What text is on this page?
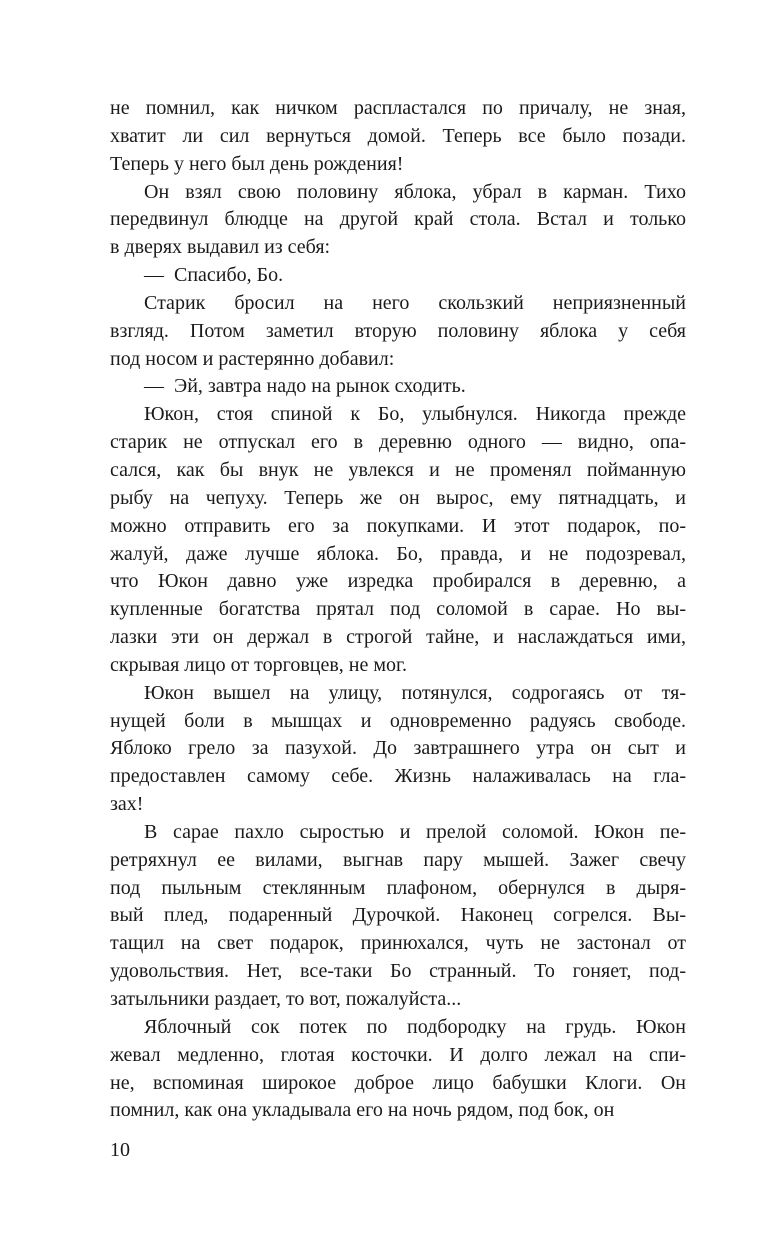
не помнил, как ничком распластался по причалу, не зная,
хватит ли сил вернуться домой. Теперь все было позади.
Теперь у него был день рождения!
Он взял свою половину яблока, убрал в карман. Тихо
передвинул блюдце на другой край стола. Встал и только
в дверях выдавил из себя:
— Спасибо, Бо.
Старик бросил на него скользкий неприязненный
взгляд. Потом заметил вторую половину яблока у себя
под носом и растерянно добавил:
— Эй, завтра надо на рынок сходить.
Юкон, стоя спиной к Бо, улыбнулся. Никогда прежде
старик не отпускал его в деревню одного — видно, опа-
сался, как бы внук не увлекся и не променял пойманную
рыбу на чепуху. Теперь же он вырос, ему пятнадцать, и
можно отправить его за покупками. И этот подарок, по-
жалуй, даже лучше яблока. Бо, правда, и не подозревал,
что Юкон давно уже изредка пробирался в деревню, а
купленные богатства прятал под соломой в сарае. Но вы-
лазки эти он держал в строгой тайне, и наслаждаться ими,
скрывая лицо от торговцев, не мог.
Юкон вышел на улицу, потянулся, содрогаясь от тя-
нущей боли в мышцах и одновременно радуясь свободе.
Яблоко грело за пазухой. До завтрашнего утра он сыт и
предоставлен самому себе. Жизнь налаживалась на гла-
зах!
В сарае пахло сыростью и прелой соломой. Юкон пе-
ретряхнул ее вилами, выгнав пару мышей. Зажег свечу
под пыльным стеклянным плафоном, обернулся в дыря-
вый плед, подаренный Дурочкой. Наконец согрелся. Вы-
тащил на свет подарок, принюхался, чуть не застонал от
удовольствия. Нет, все-таки Бо странный. То гоняет, под-
затыльники раздает, то вот, пожалуйста...
Яблочный сок потек по подбородку на грудь. Юкон
жевал медленно, глотая косточки. И долго лежал на спи-
не, вспоминая широкое доброе лицо бабушки Клоги. Он
помнил, как она укладывала его на ночь рядом, под бок, он
10
